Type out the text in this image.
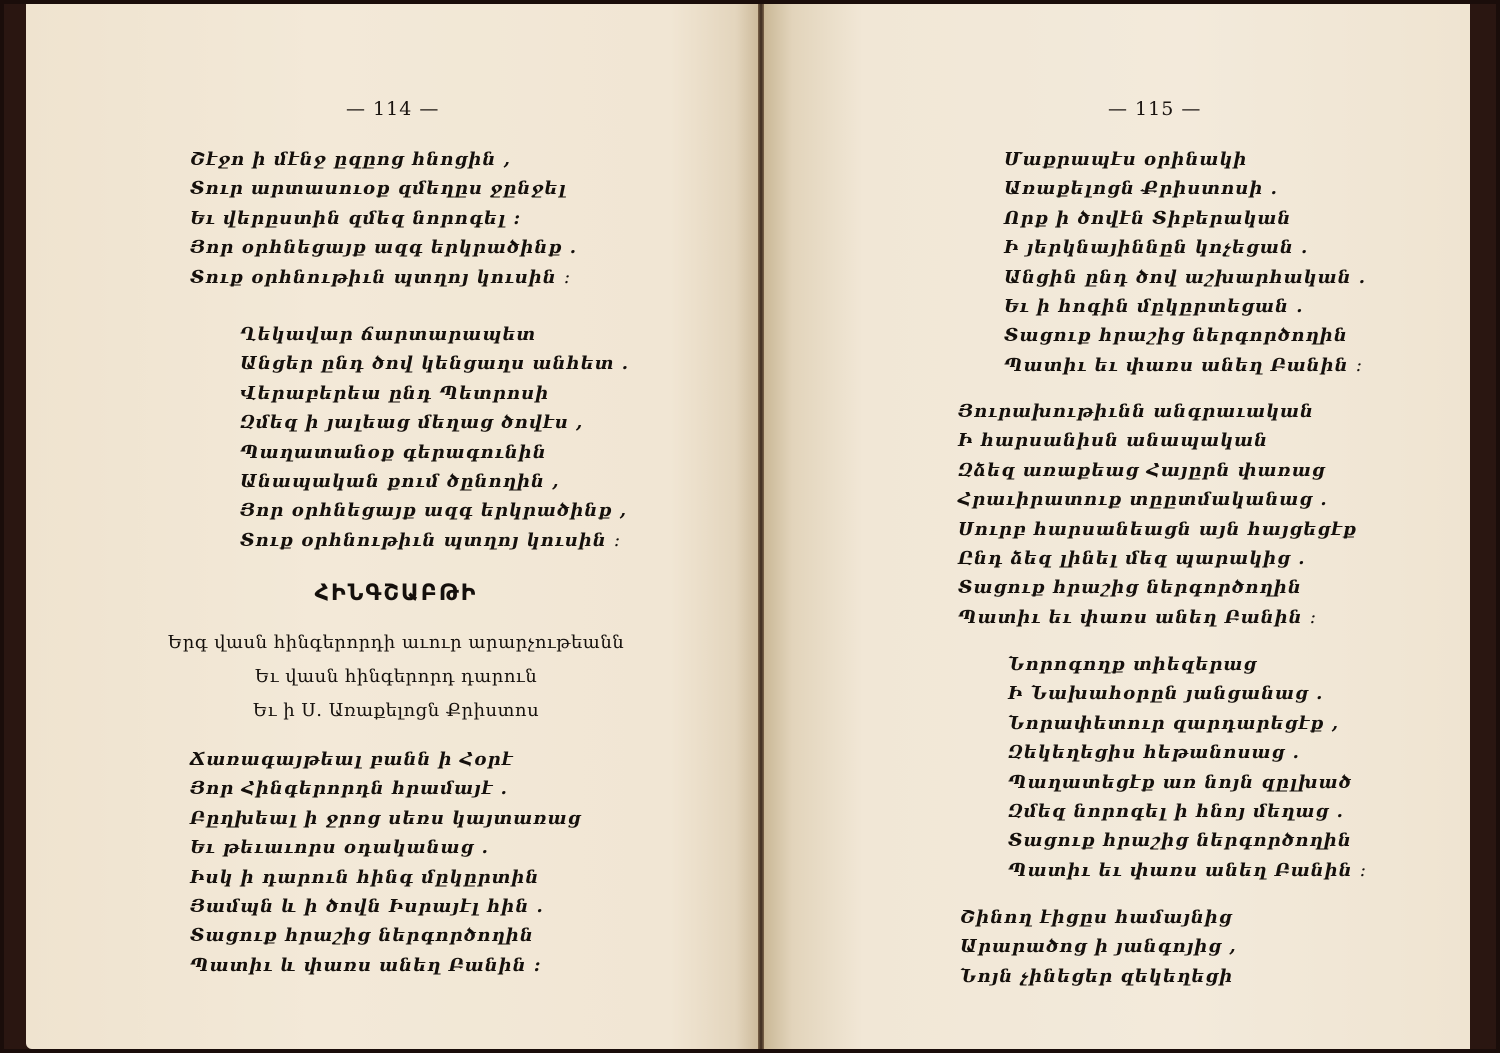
— 114 —
Շէջո ի մէնջ ըզըոց հնոցին ,
Տուր արտասուօք զմեղըս ջընջել
Եւ վերըստին զմեզ նորոգել :
Յոր օրհնեցայք ազգ երկրածինք .
Տուք օրհնութիւն պտղոյ կուսին ։
Ղեկավար ճարտարապետ
Անցեր ընդ ծով կենցաղս անհետ .
Վերաբերեա ընդ Պետրոսի
Զմեզ ի յալեաց մեղաց ծովէս ,
Պաղատանօք գերագունին
Անապական քում ծընողին ,
Յոր օրհնեցայք ազգ երկրածինք ,
Տուք օրհնութիւն պտղոյ կուսին ։
ՀԻՆԳՇԱԲԹԻ
Երգ վասն հինգերորդի աւուր արարչութեանն
Եւ վասն հինգերորդ դարուն
Եւ ի Ս. Առաքելոցն Քրիստոս
Ճառագայթեալ բանն ի Հօրէ
Յոր Հինգերորդն հրամայէ .
Բըղխեալ ի ջրոց սեռս կայտառաց
Եւ թեւաւորս օդականաց .
Իսկ ի դարուն հինգ մըկըրտին
Յամպն և ի ծովն Իսրայէլ հին .
Տացուք հրաշից ներգործողին
Պատիւ և փառս անեղ Բանին :
— 115 —
Մաքրապէս օրինակի
Առաքելոցն Քրիստոսի .
Որք ի ծովէն Տիբերական
Ի յերկնայիննըն կոչեցան .
Անցին ընդ ծով աշխարհական .
Եւ ի հոգին մըկըրտեցան .
Տացուք հրաշից ներգործողին
Պատիւ եւ փառս անեղ Բանին ։
Յուրախութիւնն անգրաւական
Ի հարսանիսն անապական
Զձեզ առաքեաց Հայըրն փառաց
Հրաւիրատուք տըըտմականաց .
Սուրբ հարսանեացն այն հայցեցէք
Ընդ ձեզ լինել մեզ պարակից .
Տացուք հրաշից ներգործողին
Պատիւ եւ փառս անեղ Բանին ։
Նորոգողք տիեզերաց
Ի Նախահօրըն յանցանաց .
Նորափետուր զարդարեցէք ,
Զեկեղեցիս հեթանոսաց .
Պաղատեցէք առ նոյն զըլխած
Զմեզ նորոգել ի հնոյ մեղաց .
Տացուք հրաշից ներգործողին
Պատիւ եւ փառս անեղ Բանին ։
Շինող էիցըս համայնից
Արարածոց ի յանգոյից ,
Նոյն չինեցեր զեկեղեցի
